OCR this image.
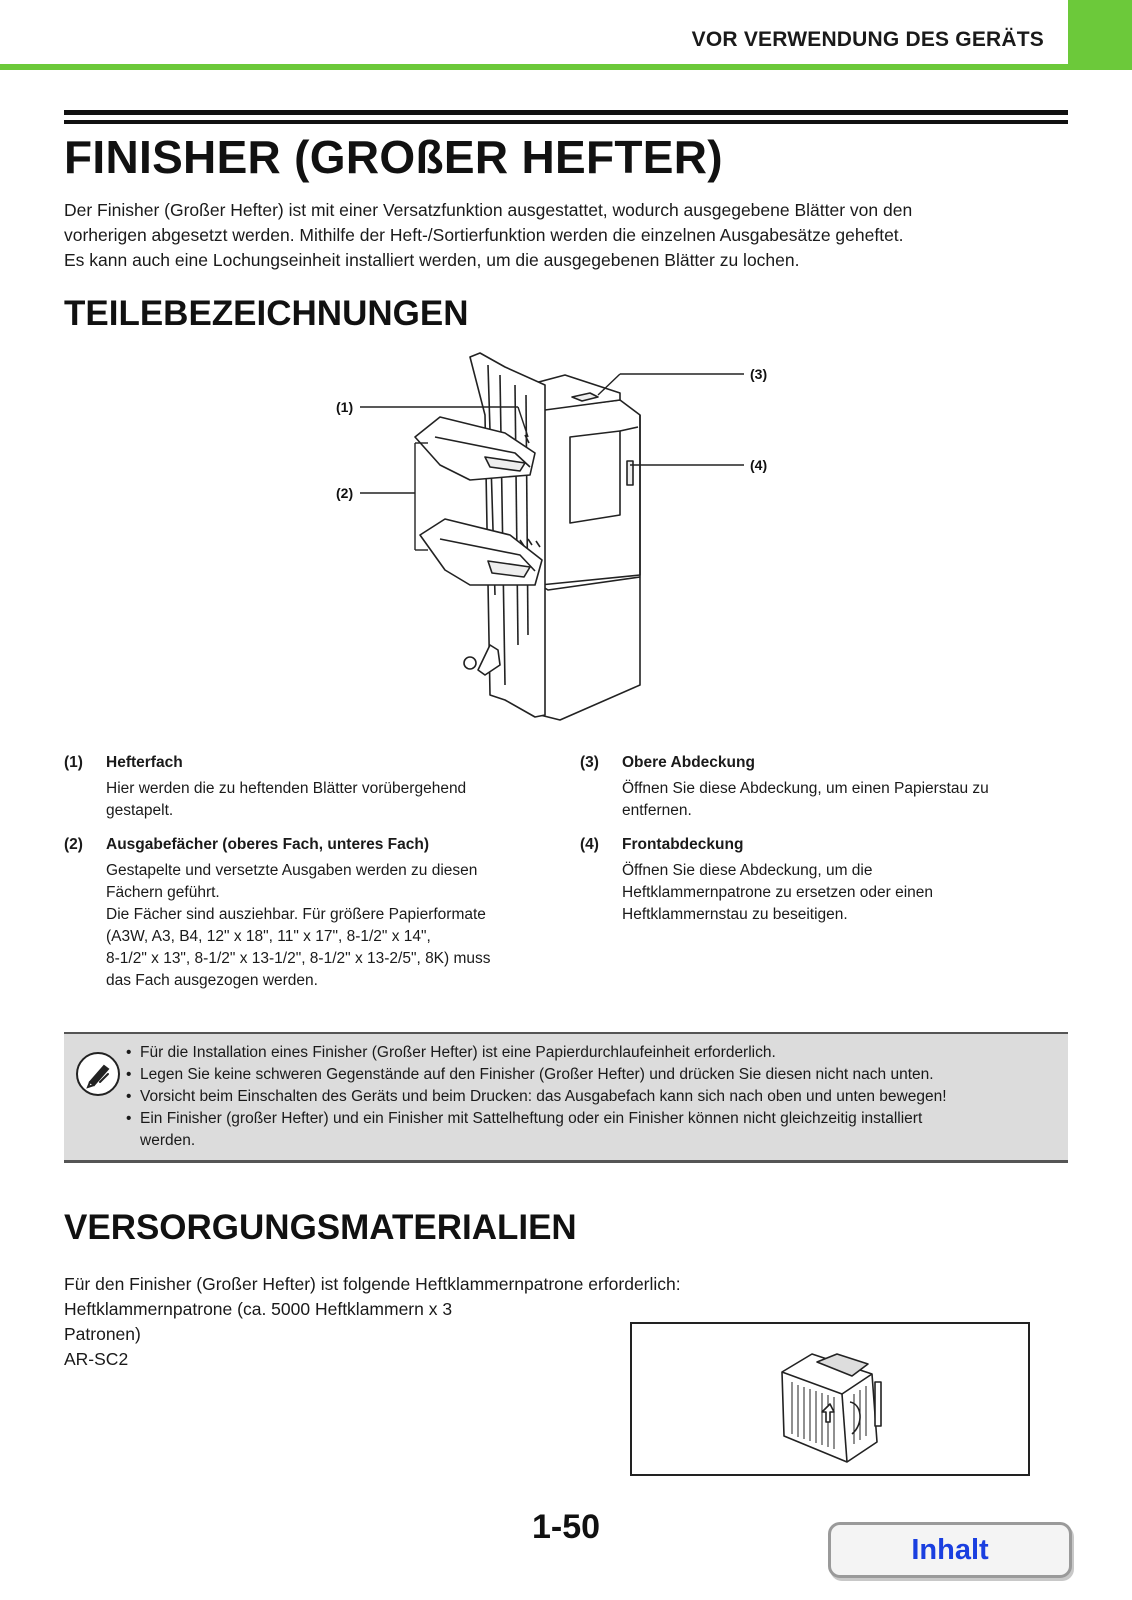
VOR VERWENDUNG DES GERÄTS
FINISHER (GROßER HEFTER)

Der Finisher (Großer Hefter) ist mit einer Versatzfunktion ausgestattet, wodurch ausgegebene Blätter von den

vorherigen abgesetzt werden. Mithilfe der Heft-/Sortierfunktion werden die einzelnen Ausgabesätze geheftet.

Es kann auch eine Lochungseinheit installiert werden, um die ausgegebenen Blätter zu lochen.

TEILEBEZEICHNUNGEN
(1)
(2)
(3)
(4)
(1) Hefterfach
Hier werden die zu heftenden Blätter vorübergehend
gestapelt.
(2) Ausgabefächer (oberes Fach, unteres Fach)
Gestapelte und versetzte Ausgaben werden zu diesen
Fächern geführt.
Die Fächer sind ausziehbar. Für größere Papierformate
(A3W, A3, B4, 12" x 18", 11" x 17", 8-1/2" x 14",
8-1/2" x 13", 8-1/2" x 13-1/2", 8-1/2" x 13-2/5", 8K) muss
das Fach ausgezogen werden.
(3) Obere Abdeckung
Öffnen Sie diese Abdeckung, um einen Papierstau zu
entfernen.
(4) Frontabdeckung
Öffnen Sie diese Abdeckung, um die
Heftklammernpatrone zu ersetzen oder einen
Heftklammernstau zu beseitigen.
• Für die Installation eines Finisher (Großer Hefter) ist eine Papierdurchlaufeinheit erforderlich.
• Legen Sie keine schweren Gegenstände auf den Finisher (Großer Hefter) und drücken Sie diesen nicht nach unten.
• Vorsicht beim Einschalten des Geräts und beim Drucken: das Ausgabefach kann sich nach oben und unten bewegen!
• Ein Finisher (großer Hefter) und ein Finisher mit Sattelheftung oder ein Finisher können nicht gleichzeitig installiert
werden.
VERSORGUNGSMATERIALIEN
Für den Finisher (Großer Hefter) ist folgende Heftklammernpatrone erforderlich:
Heftklammernpatrone (ca. 5000 Heftklammern x 3
Patronen)
AR-SC2
1-50
Inhalt
